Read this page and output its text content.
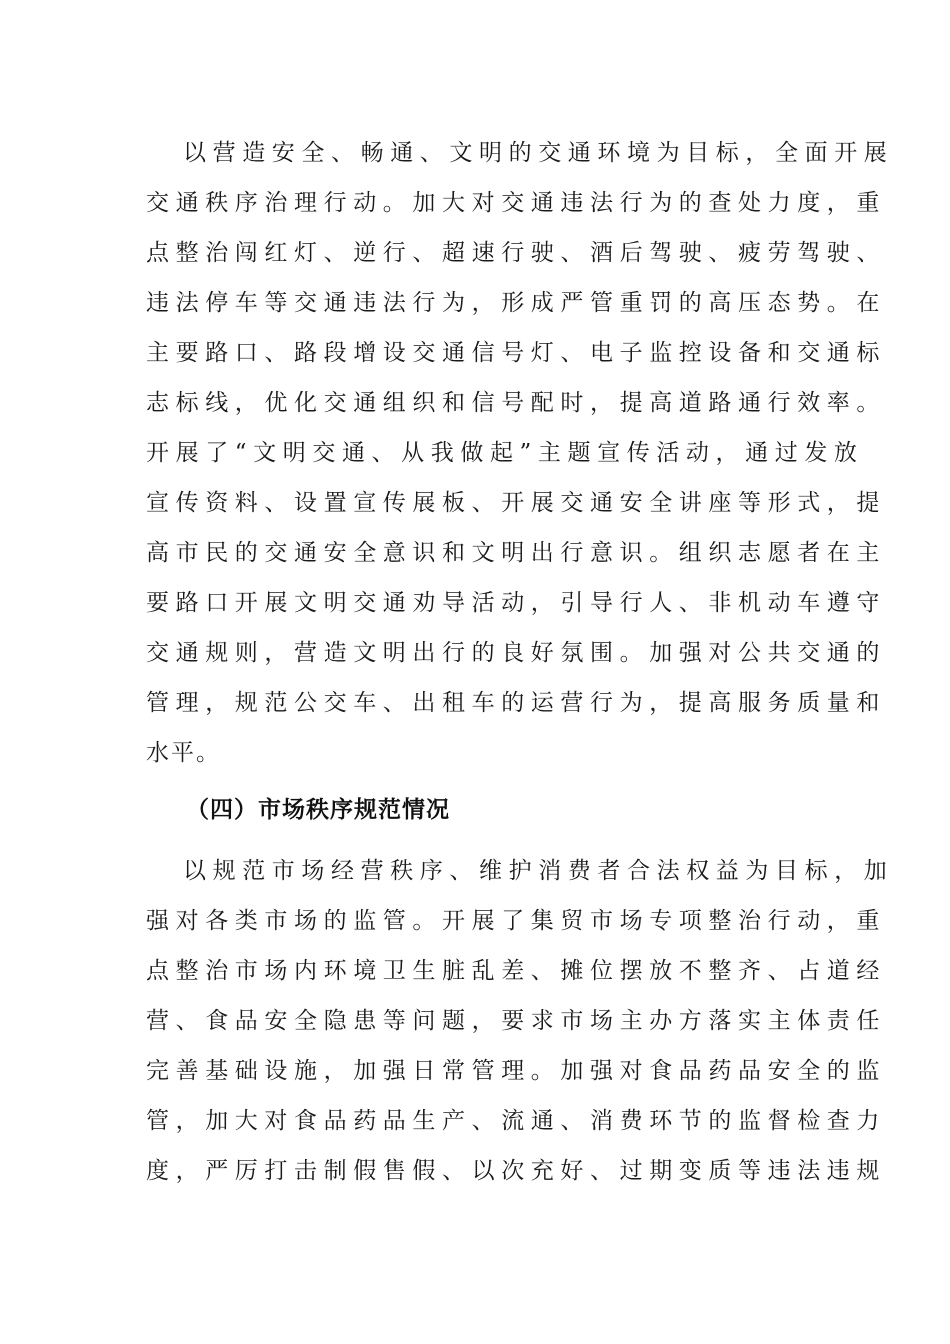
以营造安全、畅通、文明的交通环境为目标，全面开展
交通秩序治理行动。加大对交通违法行为的查处力度，重
点整治闯红灯、逆行、超速行驶、酒后驾驶、疲劳驾驶、
违法停车等交通违法行为，形成严管重罚的高压态势。在
主要路口、路段增设交通信号灯、电子监控设备和交通标
志标线，优化交通组织和信号配时，提高道路通行效率。
开展了“文明交通、从我做起”主题宣传活动，通过发放
宣传资料、设置宣传展板、开展交通安全讲座等形式，提
高市民的交通安全意识和文明出行意识。组织志愿者在主
要路口开展文明交通劝导活动，引导行人、非机动车遵守
交通规则，营造文明出行的良好氛围。加强对公共交通的
管理，规范公交车、出租车的运营行为，提高服务质量和
水平。
（四）市场秩序规范情况
以规范市场经营秩序、维护消费者合法权益为目标，加
强对各类市场的监管。开展了集贸市场专项整治行动，重
点整治市场内环境卫生脏乱差、摊位摆放不整齐、占道经
营、食品安全隐患等问题，要求市场主办方落实主体责任
完善基础设施，加强日常管理。加强对食品药品安全的监
管，加大对食品药品生产、流通、消费环节的监督检查力
度，严厉打击制假售假、以次充好、过期变质等违法违规
